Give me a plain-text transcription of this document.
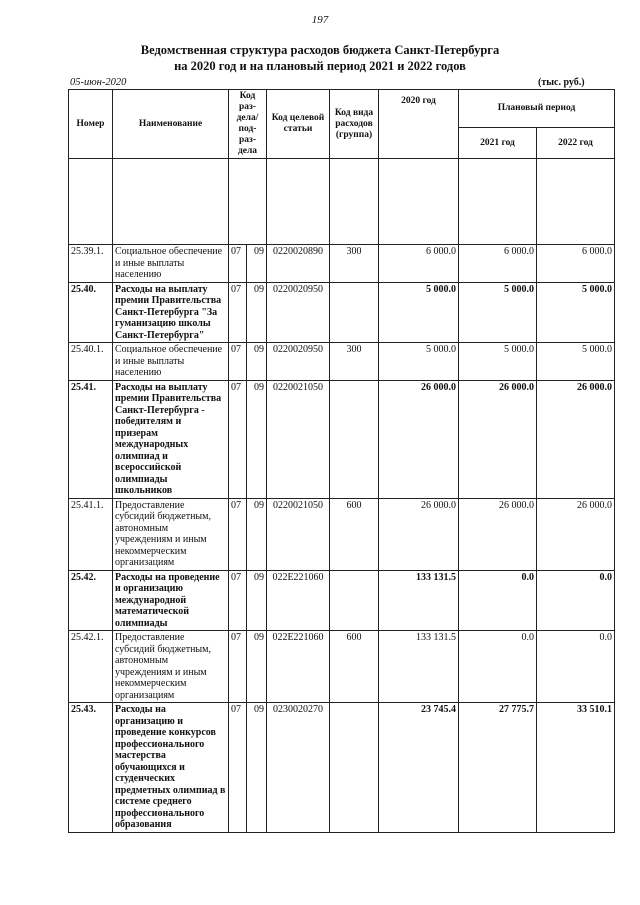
197
Ведомственная структура расходов бюджета Санкт-Петербурга
на 2020 год и на плановый период 2021 и 2022 годов
05-июн-2020	(тыс. руб.)
Номер	Наименование	Код раз-дела/ под-раз-дела		Код целевой статьи	Код вида расходов (группа)	2020 год	Плановый период	
							2021 год	2022 год

25.39.1.	Социальное обеспечение и иные выплаты населению	07	09	0220020890	300	6 000.0	6 000.0	6 000.0
25.40.	Расходы на выплату премии Правительства Санкт-Петербурга "За гуманизацию школы Санкт-Петербурга"	07	09	0220020950		5 000.0	5 000.0	5 000.0
25.40.1.	Социальное обеспечение и иные выплаты населению	07	09	0220020950	300	5 000.0	5 000.0	5 000.0
25.41.	Расходы на выплату премии Правительства Санкт-Петербурга - победителям и призерам международных олимпиад и всероссийской олимпиады школьников	07	09	0220021050		26 000.0	26 000.0	26 000.0
25.41.1.	Предоставление субсидий бюджетным, автономным учреждениям и иным некоммерческим организациям	07	09	0220021050	600	26 000.0	26 000.0	26 000.0
25.42.	Расходы на проведение и организацию международной математической олимпиады	07	09	022E221060		133 131.5	0.0	0.0
25.42.1.	Предоставление субсидий бюджетным, автономным учреждениям и иным некоммерческим организациям	07	09	022E221060	600	133 131.5	0.0	0.0
25.43.	Расходы на организацию и проведение конкурсов профессионального мастерства обучающихся и студенческих предметных олимпиад в системе среднего профессионального образования	07	09	0230020270		23 745.4	27 775.7	33 510.1
